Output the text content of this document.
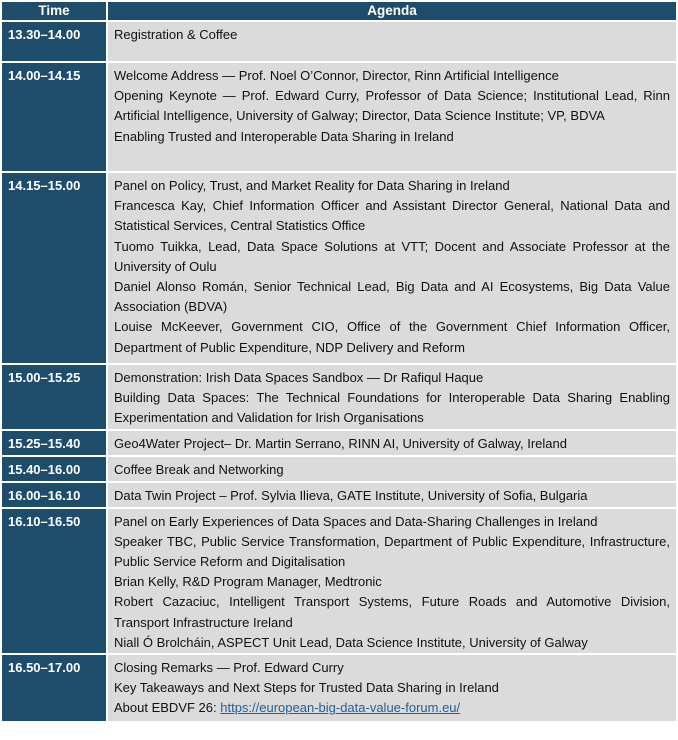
Time	Agenda
13.30–14.00	Registration & Coffee

14.00–14.15	Welcome Address — Prof. Noel O’Connor, Director, Rinn Artificial Intelligence

Opening Keynote — Prof. Edward Curry, Professor of Data Science; Institutional Lead, Rinn Artificial Intelligence, University of Galway; Director, Data Science Institute; VP, BDVA

Enabling Trusted and Interoperable Data Sharing in Ireland

14.15–15.00	Panel on Policy, Trust, and Market Reality for Data Sharing in Ireland

Francesca Kay, Chief Information Officer and Assistant Director General, National Data and Statistical Services, Central Statistics Office

Tuomo Tuikka, Lead, Data Space Solutions at VTT; Docent and Associate Professor at the University of Oulu

Daniel Alonso Román, Senior Technical Lead, Big Data and AI Ecosystems, Big Data Value Association (BDVA)

Louise McKeever, Government CIO, Office of the Government Chief Information Officer, Department of Public Expenditure, NDP Delivery and Reform

15.00–15.25	Demonstration: Irish Data Spaces Sandbox — Dr Rafiqul Haque

Building Data Spaces: The Technical Foundations for Interoperable Data Sharing Enabling Experimentation and Validation for Irish Organisations

15.25–15.40	Geo4Water Project– Dr. Martin Serrano, RINN AI, University of Galway, Ireland

15.40–16.00	Coffee Break and Networking

16.00–16.10	Data Twin Project – Prof. Sylvia Ilieva, GATE Institute, University of Sofia, Bulgaria

16.10–16.50	Panel on Early Experiences of Data Spaces and Data-Sharing Challenges in Ireland

Speaker TBC, Public Service Transformation, Department of Public Expenditure, Infrastructure, Public Service Reform and Digitalisation

Brian Kelly, R&D Program Manager, Medtronic

Robert Cazaciuc, Intelligent Transport Systems, Future Roads and Automotive Division, Transport Infrastructure Ireland

Niall Ó Brolcháin, ASPECT Unit Lead, Data Science Institute, University of Galway

16.50–17.00	Closing Remarks — Prof. Edward Curry

Key Takeaways and Next Steps for Trusted Data Sharing in Ireland

About EBDVF 26: https://european-big-data-value-forum.eu/
